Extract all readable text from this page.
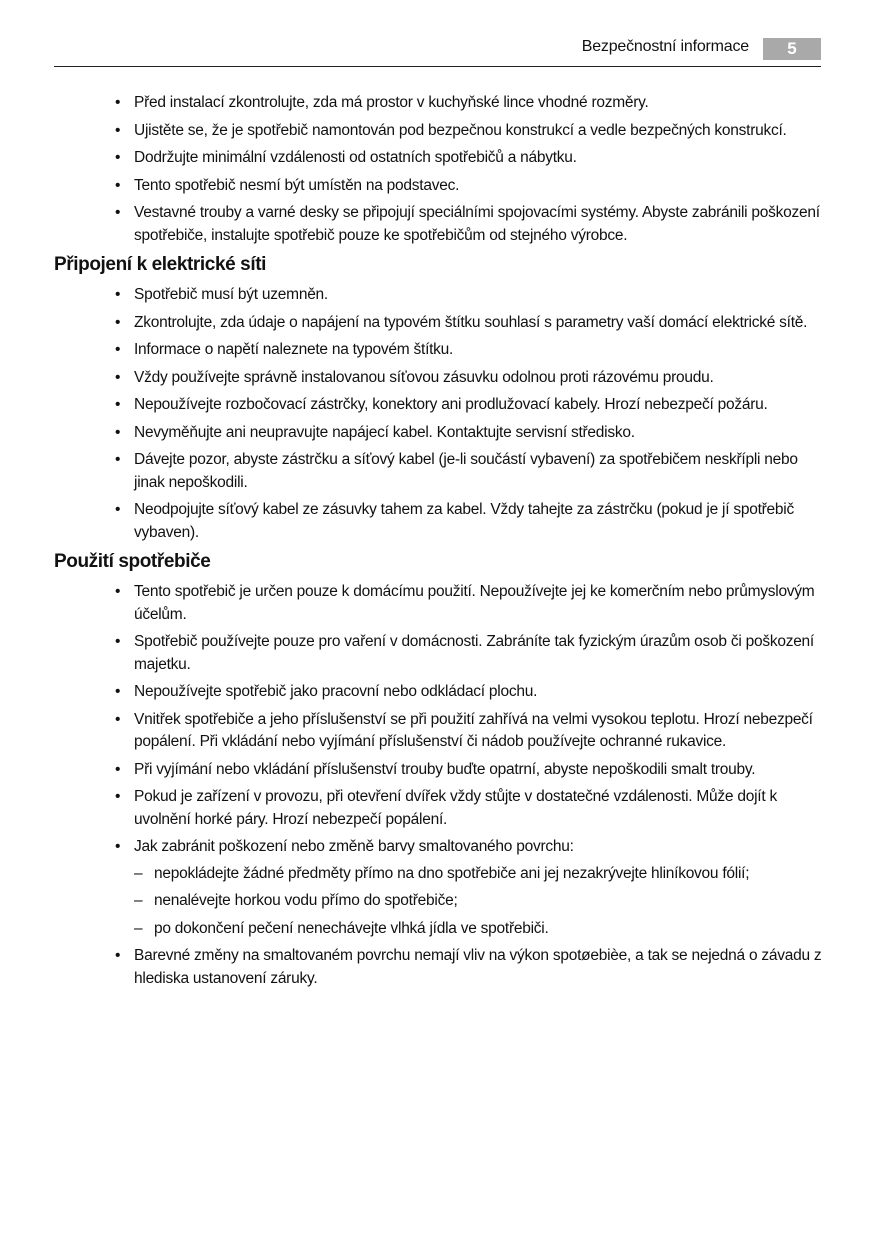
Bezpečnostní informace	5
• Před instalací zkontrolujte, zda má prostor v kuchyňské lince vhodné rozměry.
• Ujistěte se, že je spotřebič namontován pod bezpečnou konstrukcí a vedle bezpečných konstrukcí.
• Dodržujte minimální vzdálenosti od ostatních spotřebičů a nábytku.
• Tento spotřebič nesmí být umístěn na podstavec.
• Vestavné trouby a varné desky se připojují speciálními spojovacími systémy. Abyste zabránili poškození spotřebiče, instalujte spotřebič pouze ke spotřebičům od stejného výrobce.
Připojení k elektrické síti
• Spotřebič musí být uzemněn.
• Zkontrolujte, zda údaje o napájení na typovém štítku souhlasí s parametry vaší domácí elektrické sítě.
• Informace o napětí naleznete na typovém štítku.
• Vždy používejte správně instalovanou síťovou zásuvku odolnou proti rázovému proudu.
• Nepoužívejte rozbočovací zástrčky, konektory ani prodlužovací kabely. Hrozí nebezpečí požáru.
• Nevyměňujte ani neupravujte napájecí kabel. Kontaktujte servisní středisko.
• Dávejte pozor, abyste zástrčku a síťový kabel (je-li součástí vybavení) za spotřebičem neskřípli nebo jinak nepoškodili.
• Neodpojujte síťový kabel ze zásuvky tahem za kabel. Vždy tahejte za zástrčku (pokud je jí spotřebič vybaven).
Použití spotřebiče
• Tento spotřebič je určen pouze k domácímu použití. Nepoužívejte jej ke komerčním nebo průmyslovým účelům.
• Spotřebič používejte pouze pro vaření v domácnosti. Zabráníte tak fyzickým úrazům osob či poškození majetku.
• Nepoužívejte spotřebič jako pracovní nebo odkládací plochu.
• Vnitřek spotřebiče a jeho příslušenství se při použití zahřívá na velmi vysokou teplotu. Hrozí nebezpečí popálení. Při vkládání nebo vyjímání příslušenství či nádob používejte ochranné rukavice.
• Při vyjímání nebo vkládání příslušenství trouby buďte opatrní, abyste nepoškodili smalt trouby.
• Pokud je zařízení v provozu, při otevření dvířek vždy stůjte v dostatečné vzdálenosti. Může dojít k uvolnění horké páry. Hrozí nebezpečí popálení.
• Jak zabránit poškození nebo změně barvy smaltovaného povrchu:
– nepokládejte žádné předměty přímo na dno spotřebiče ani jej nezakrývejte hliníkovou fólií;
– nenalévejte horkou vodu přímo do spotřebiče;
– po dokončení pečení nenechávejte vlhká jídla ve spotřebiči.
• Barevné změny na smaltovaném povrchu nemají vliv na výkon spotøebièe, a tak se nejedná o závadu z hlediska ustanovení záruky.
